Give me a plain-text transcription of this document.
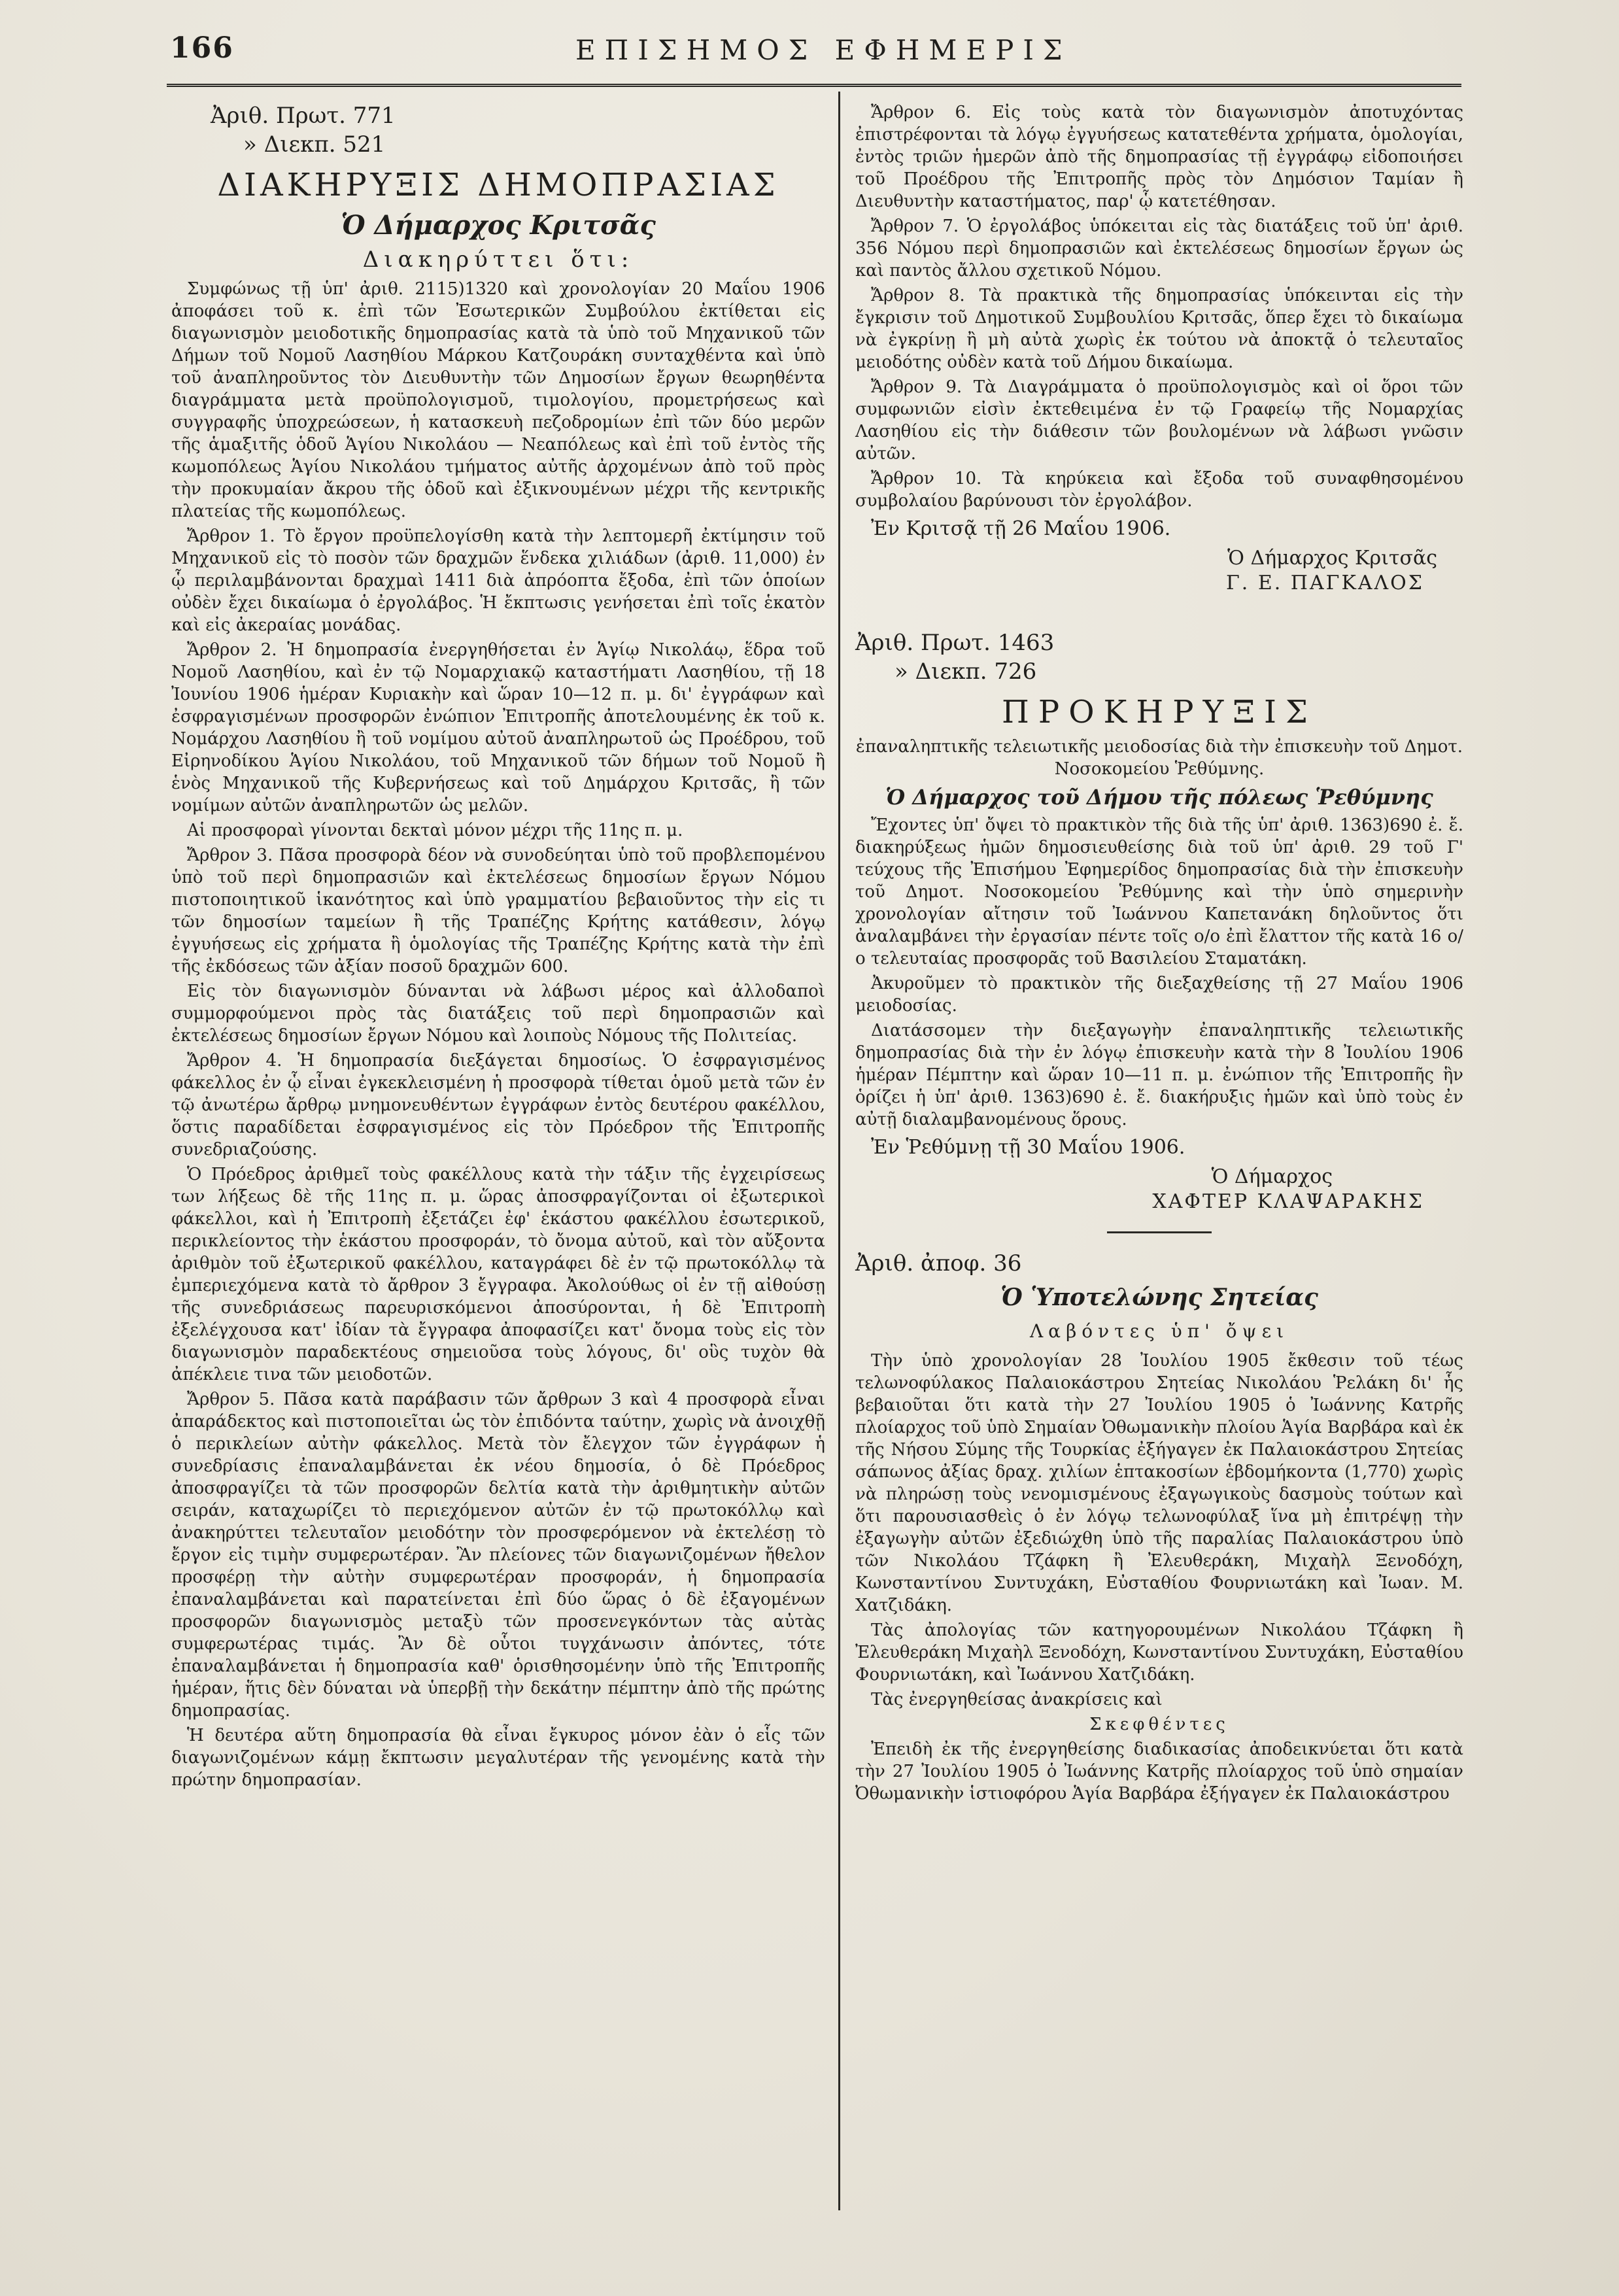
166	ΕΠΙΣΗΜΟΣ ΕΦΗΜΕΡΙΣ

Ἀριθ. Πρωτ. 771

» Διεκπ. 521

ΔΙΑΚΗΡΥΞΙΣ ΔΗΜΟΠΡΑΣΙΑΣ
Ὁ Δήμαρχος Κριτσᾶς
Διακηρύττει ὅτι:

Συμφώνως τῇ ὑπ' ἀριθ. 2115)1320 καὶ χρονολογίαν 20 Μαΐου 1906 ἀποφάσει τοῦ κ. ἐπὶ τῶν Ἐσωτερικῶν Συμβούλου ἐκτίθεται εἰς διαγωνισμὸν μειοδοτικῆς δημοπρασίας κατὰ τὰ ὑπὸ τοῦ Μηχανικοῦ τῶν Δήμων τοῦ Νομοῦ Λασηθίου Μάρκου Κατζουράκη συνταχθέντα καὶ ὑπὸ τοῦ ἀναπληροῦντος τὸν Διευθυντὴν τῶν Δημοσίων ἔργων θεωρηθέντα διαγράμματα μετὰ προϋπολογισμοῦ, τιμολογίου, προμετρήσεως καὶ συγγραφῆς ὑποχρεώσεων, ἡ κατασκευὴ πεζοδρομίων ἐπὶ τῶν δύο μερῶν τῆς ἁμαξιτῆς ὁδοῦ Ἁγίου Νικολάου — Νεαπόλεως καὶ ἐπὶ τοῦ ἐντὸς τῆς κωμοπόλεως Ἁγίου Νικολάου τμήματος αὐτῆς ἀρχομένων ἀπὸ τοῦ πρὸς τὴν προκυμαίαν ἄκρου τῆς ὁδοῦ καὶ ἐξικνουμένων μέχρι τῆς κεντρικῆς πλατείας τῆς κωμοπόλεως.

Ἄρθρον 1. Τὸ ἔργον προϋπελογίσθη κατὰ τὴν λεπτομερῆ ἐκτίμησιν τοῦ Μηχανικοῦ εἰς τὸ ποσὸν τῶν δραχμῶν ἕνδεκα χιλιάδων (ἀριθ. 11,000) ἐν ᾧ περιλαμβάνονται δραχμαὶ 1411 διὰ ἀπρόοπτα ἔξοδα, ἐπὶ τῶν ὁποίων οὐδὲν ἔχει δικαίωμα ὁ ἐργολάβος. Ἡ ἔκπτωσις γενήσεται ἐπὶ τοῖς ἑκατὸν καὶ εἰς ἀκεραίας μονάδας.

Ἄρθρον 2. Ἡ δημοπρασία ἐνεργηθήσεται ἐν Ἁγίῳ Νικολάῳ, ἕδρα τοῦ Νομοῦ Λασηθίου, καὶ ἐν τῷ Νομαρχιακῷ καταστήματι Λασηθίου, τῇ 18 Ἰουνίου 1906 ἡμέραν Κυριακὴν καὶ ὥραν 10—12 π. μ. δι' ἐγγράφων καὶ ἐσφραγισμένων προσφορῶν ἐνώπιον Ἐπιτροπῆς ἀποτελουμένης ἐκ τοῦ κ. Νομάρχου Λασηθίου ἢ τοῦ νομίμου αὐτοῦ ἀναπληρωτοῦ ὡς Προέδρου, τοῦ Εἰρηνοδίκου Ἁγίου Νικολάου, τοῦ Μηχανικοῦ τῶν δήμων τοῦ Νομοῦ ἢ ἑνὸς Μηχανικοῦ τῆς Κυβερνήσεως καὶ τοῦ Δημάρχου Κριτσᾶς, ἢ τῶν νομίμων αὐτῶν ἀναπληρωτῶν ὡς μελῶν.

Αἱ προσφοραὶ γίνονται δεκταὶ μόνον μέχρι τῆς 11ης π. μ.

Ἄρθρον 3. Πᾶσα προσφορὰ δέον νὰ συνοδεύηται ὑπὸ τοῦ προβλεπομένου ὑπὸ τοῦ περὶ δημοπρασιῶν καὶ ἐκτελέσεως δημοσίων ἔργων Νόμου πιστοποιητικοῦ ἱκανότητος καὶ ὑπὸ γραμματίου βεβαιοῦντος τὴν εἰς τι τῶν δημοσίων ταμείων ἢ τῆς Τραπέζης Κρήτης κατάθεσιν, λόγῳ ἐγγυήσεως εἰς χρήματα ἢ ὁμολογίας τῆς Τραπέζης Κρήτης κατὰ τὴν ἐπὶ τῆς ἐκδόσεως τῶν ἀξίαν ποσοῦ δραχμῶν 600.

Εἰς τὸν διαγωνισμὸν δύνανται νὰ λάβωσι μέρος καὶ ἀλλοδαποὶ συμμορφούμενοι πρὸς τὰς διατάξεις τοῦ περὶ δημοπρασιῶν καὶ ἐκτελέσεως δημοσίων ἔργων Νόμου καὶ λοιποὺς Νόμους τῆς Πολιτείας.

Ἄρθρον 4. Ἡ δημοπρασία διεξάγεται δημοσίως. Ὁ ἐσφραγισμένος φάκελλος ἐν ᾧ εἶναι ἐγκεκλεισμένη ἡ προσφορὰ τίθεται ὁμοῦ μετὰ τῶν ἐν τῷ ἀνωτέρω ἄρθρῳ μνημονευθέντων ἐγγράφων ἐντὸς δευτέρου φακέλλου, ὅστις παραδίδεται ἐσφραγισμένος εἰς τὸν Πρόεδρον τῆς Ἐπιτροπῆς συνεδριαζούσης.

Ὁ Πρόεδρος ἀριθμεῖ τοὺς φακέλλους κατὰ τὴν τάξιν τῆς ἐγχειρίσεως των λήξεως δὲ τῆς 11ης π. μ. ὥρας ἀποσφραγίζονται οἱ ἐξωτερικοὶ φάκελλοι, καὶ ἡ Ἐπιτροπὴ ἐξετάζει ἐφ' ἑκάστου φακέλλου ἐσωτερικοῦ, περικλείοντος τὴν ἑκάστου προσφοράν, τὸ ὄνομα αὐτοῦ, καὶ τὸν αὔξοντα ἀριθμὸν τοῦ ἐξωτερικοῦ φακέλλου, καταγράφει δὲ ἐν τῷ πρωτοκόλλῳ τὰ ἐμπεριεχόμενα κατὰ τὸ ἄρθρον 3 ἔγγραφα. Ἀκολούθως οἱ ἐν τῇ αἰθούσῃ τῆς συνεδριάσεως παρευρισκόμενοι ἀποσύρονται, ἡ δὲ Ἐπιτροπὴ ἐξελέγχουσα κατ' ἰδίαν τὰ ἔγγραφα ἀποφασίζει κατ' ὄνομα τοὺς εἰς τὸν διαγωνισμὸν παραδεκτέους σημειοῦσα τοὺς λόγους, δι' οὓς τυχὸν θὰ ἀπέκλειε τινα τῶν μειοδοτῶν.

Ἄρθρον 5. Πᾶσα κατὰ παράβασιν τῶν ἄρθρων 3 καὶ 4 προσφορὰ εἶναι ἀπαράδεκτος καὶ πιστοποιεῖται ὡς τὸν ἐπιδόντα ταύτην, χωρὶς νὰ ἀνοιχθῇ ὁ περικλείων αὐτὴν φάκελλος. Μετὰ τὸν ἔλεγχον τῶν ἐγγράφων ἡ συνεδρίασις ἐπαναλαμβάνεται ἐκ νέου δημοσία, ὁ δὲ Πρόεδρος ἀποσφραγίζει τὰ τῶν προσφορῶν δελτία κατὰ τὴν ἀριθμητικὴν αὐτῶν σειράν, καταχωρίζει τὸ περιεχόμενον αὐτῶν ἐν τῷ πρωτοκόλλῳ καὶ ἀνακηρύττει τελευταῖον μειοδότην τὸν προσφερόμενον νὰ ἐκτελέσῃ τὸ ἔργον εἰς τιμὴν συμφερωτέραν. Ἂν πλείονες τῶν διαγωνιζομένων ἤθελον προσφέρῃ τὴν αὐτὴν συμφερωτέραν προσφοράν, ἡ δημοπρασία ἐπαναλαμβάνεται καὶ παρατείνεται ἐπὶ δύο ὥρας ὁ δὲ ἐξαγομένων προσφορῶν διαγωνισμὸς μεταξὺ τῶν προσενεγκόντων τὰς αὐτὰς συμφερωτέρας τιμάς. Ἂν δὲ οὗτοι τυγχάνωσιν ἀπόντες, τότε ἐπαναλαμβάνεται ἡ δημοπρασία καθ' ὁρισθησομένην ὑπὸ τῆς Ἐπιτροπῆς ἡμέραν, ἥτις δὲν δύναται νὰ ὑπερβῇ τὴν δεκάτην πέμπτην ἀπὸ τῆς πρώτης δημοπρασίας.

Ἡ δευτέρα αὕτη δημοπρασία θὰ εἶναι ἔγκυρος μόνον ἐὰν ὁ εἷς τῶν διαγωνιζομένων κάμῃ ἔκπτωσιν μεγαλυτέραν τῆς γενομένης κατὰ τὴν πρώτην δημοπρασίαν.

Ἄρθρον 6. Εἰς τοὺς κατὰ τὸν διαγωνισμὸν ἀποτυχόντας ἐπιστρέφονται τὰ λόγῳ ἐγγυήσεως κατατεθέντα χρήματα, ὁμολογίαι, ἐντὸς τριῶν ἡμερῶν ἀπὸ τῆς δημοπρασίας τῇ ἐγγράφῳ εἰδοποιήσει τοῦ Προέδρου τῆς Ἐπιτροπῆς πρὸς τὸν Δημόσιον Ταμίαν ἢ Διευθυντὴν καταστήματος, παρ' ᾧ κατετέθησαν.

Ἄρθρον 7. Ὁ ἐργολάβος ὑπόκειται εἰς τὰς διατάξεις τοῦ ὑπ' ἀριθ. 356 Νόμου περὶ δημοπρασιῶν καὶ ἐκτελέσεως δημοσίων ἔργων ὡς καὶ παντὸς ἄλλου σχετικοῦ Νόμου.

Ἄρθρον 8. Τὰ πρακτικὰ τῆς δημοπρασίας ὑπόκεινται εἰς τὴν ἔγκρισιν τοῦ Δημοτικοῦ Συμβουλίου Κριτσᾶς, ὅπερ ἔχει τὸ δικαίωμα νὰ ἐγκρίνῃ ἢ μὴ αὐτὰ χωρὶς ἐκ τούτου νὰ ἀποκτᾷ ὁ τελευταῖος μειοδότης οὐδὲν κατὰ τοῦ Δήμου δικαίωμα.

Ἄρθρον 9. Τὰ Διαγράμματα ὁ προϋπολογισμὸς καὶ οἱ ὅροι τῶν συμφωνιῶν εἰσὶν ἐκτεθειμένα ἐν τῷ Γραφείῳ τῆς Νομαρχίας Λασηθίου εἰς τὴν διάθεσιν τῶν βουλομένων νὰ λάβωσι γνῶσιν αὐτῶν.

Ἄρθρον 10. Τὰ κηρύκεια καὶ ἔξοδα τοῦ συναφθησομένου συμβολαίου βαρύνουσι τὸν ἐργολάβον.

Ἐν Κριτσᾷ τῇ 26 Μαΐου 1906.
Ὁ Δήμαρχος Κριτσᾶς
Γ. Ε. ΠΑΓΚΑΛΟΣ

Ἀριθ. Πρωτ. 1463

» Διεκπ. 726

ΠΡΟΚΗΡΥΞΙΣ

ἐπαναληπτικῆς τελειωτικῆς μειοδοσίας διὰ τὴν ἐπισκευὴν τοῦ Δημοτ. Νοσοκομείου Ῥεθύμνης.

Ὁ Δήμαρχος τοῦ Δήμου τῆς πόλεως Ῥεθύμνης

Ἔχοντες ὑπ' ὄψει τὸ πρακτικὸν τῆς διὰ τῆς ὑπ' ἀριθ. 1363)690 ἐ. ἔ. διακηρύξεως ἡμῶν δημοσιευθείσης διὰ τοῦ ὑπ' ἀριθ. 29 τοῦ Γ' τεύχους τῆς Ἐπισήμου Ἐφημερίδος δημοπρασίας διὰ τὴν ἐπισκευὴν τοῦ Δημοτ. Νοσοκομείου Ῥεθύμνης καὶ τὴν ὑπὸ σημερινὴν χρονολογίαν αἴτησιν τοῦ Ἰωάννου Καπετανάκη δηλοῦντος ὅτι ἀναλαμβάνει τὴν ἐργασίαν πέντε τοῖς ο/ο ἐπὶ ἔλαττον τῆς κατὰ 16 ο/ο τελευταίας προσφορᾶς τοῦ Βασιλείου Σταματάκη.

Ἀκυροῦμεν τὸ πρακτικὸν τῆς διεξαχθείσης τῇ 27 Μαΐου 1906 μειοδοσίας.

Διατάσσομεν τὴν διεξαγωγὴν ἐπαναληπτικῆς τελειωτικῆς δημοπρασίας διὰ τὴν ἐν λόγῳ ἐπισκευὴν κατὰ τὴν 8 Ἰουλίου 1906 ἡμέραν Πέμπτην καὶ ὥραν 10—11 π. μ. ἐνώπιον τῆς Ἐπιτροπῆς ἣν ὁρίζει ἡ ὑπ' ἀριθ. 1363)690 ἐ. ἔ. διακήρυξις ἡμῶν καὶ ὑπὸ τοὺς ἐν αὐτῇ διαλαμβανομένους ὅρους.

Ἐν Ῥεθύμνῃ τῇ 30 Μαΐου 1906.
Ὁ Δήμαρχος
ΧΑΦΤΕΡ ΚΛΑΨΑΡΑΚΗΣ

Ἀριθ. ἀποφ. 36

Ὁ Ὑποτελώνης Σητείας
Λαβόντες ὑπ' ὄψει

Τὴν ὑπὸ χρονολογίαν 28 Ἰουλίου 1905 ἔκθεσιν τοῦ τέως τελωνοφύλακος Παλαιοκάστρου Σητείας Νικολάου Ῥελάκη δι' ἧς βεβαιοῦται ὅτι κατὰ τὴν 27 Ἰουλίου 1905 ὁ Ἰωάννης Κατρῆς πλοίαρχος τοῦ ὑπὸ Σημαίαν Ὀθωμανικὴν πλοίου Ἁγία Βαρβάρα καὶ ἐκ τῆς Νήσου Σύμης τῆς Τουρκίας ἐξήγαγεν ἐκ Παλαιοκάστρου Σητείας σάπωνος ἀξίας δραχ. χιλίων ἑπτακοσίων ἑβδομήκοντα (1,770) χωρὶς νὰ πληρώσῃ τοὺς νενομισμένους ἐξαγωγικοὺς δασμοὺς τούτων καὶ ὅτι παρουσιασθεὶς ὁ ἐν λόγῳ τελωνοφύλαξ ἵνα μὴ ἐπιτρέψῃ τὴν ἐξαγωγὴν αὐτῶν ἐξεδιώχθη ὑπὸ τῆς παραλίας Παλαιοκάστρου ὑπὸ τῶν Νικολάου Τζάφκη ἢ Ἐλευθεράκη, Μιχαὴλ Ξενοδόχη, Κωνσταντίνου Συντυχάκη, Εὐσταθίου Φουρνιωτάκη καὶ Ἰωαν. Μ. Χατζιδάκη.

Τὰς ἀπολογίας τῶν κατηγορουμένων Νικολάου Τζάφκη ἢ Ἐλευθεράκη Μιχαὴλ Ξενοδόχη, Κωνσταντίνου Συντυχάκη, Εὐσταθίου Φουρνιωτάκη, καὶ Ἰωάννου Χατζιδάκη.

Τὰς ἐνεργηθείσας ἀνακρίσεις καὶ

Σκεφθέντες

Ἐπειδὴ ἐκ τῆς ἐνεργηθείσης διαδικασίας ἀποδεικνύεται ὅτι κατὰ τὴν 27 Ἰουλίου 1905 ὁ Ἰωάννης Κατρῆς πλοίαρχος τοῦ ὑπὸ σημαίαν Ὀθωμανικὴν ἱστιοφόρου Ἁγία Βαρβάρα ἐξήγαγεν ἐκ Παλαιοκάστρου
